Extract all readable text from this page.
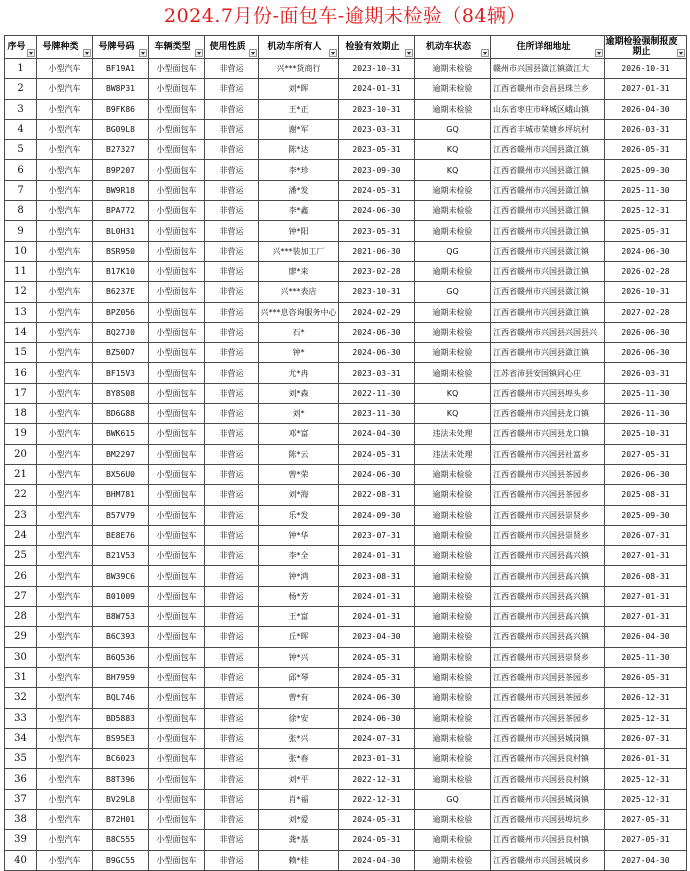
2024.7月份-面包车-逾期未检验（84辆）
序号	号牌种类	号牌号码	车辆类型	使用性质	机动车所有人	检验有效期止	机动车状态	住所详细地址	逾期检验强制报废期止

1	小型汽车	BF19A1	小型面包车	非营运	兴***货商行	2023-10-31	逾期未检验	赣州市兴国县潋江镇潋江大	2026-10-31
2	小型汽车	BW8P31	小型面包车	非营运	刘*晖	2024-01-31	逾期未检验	江西省赣州市会昌县珠兰乡	2027-01-31
3	小型汽车	B9FK86	小型面包车	非营运	王*正	2023-10-31	逾期未检验	山东省枣庄市峄城区峨山镇	2026-04-30
4	小型汽车	BG09L8	小型面包车	非营运	谢*军	2023-03-31	GQ	江西省丰城市荣塘乡坪坑村	2026-03-31
5	小型汽车	B27327	小型面包车	非营运	陈*达	2023-05-31	KQ	江西省赣州市兴国县潋江镇	2026-05-31
6	小型汽车	B9P207	小型面包车	非营运	李*珍	2023-09-30	KQ	江西省赣州市兴国县潋江镇	2025-09-30
7	小型汽车	BW9R18	小型面包车	非营运	潘*发	2024-05-31	逾期未检验	江西省赣州市兴国县潋江镇	2025-11-30
8	小型汽车	BPA772	小型面包车	非营运	李*鑫	2024-06-30	逾期未检验	江西省赣州市兴国县潋江镇	2025-12-31
9	小型汽车	BL0H31	小型面包车	非营运	钟*阳	2023-05-31	逾期未检验	江西省赣州市兴国县潋江镇	2025-05-31
10	小型汽车	BSR950	小型面包车	非营运	兴***装加工厂	2021-06-30	QG	江西省赣州市兴国县潋江镇	2024-06-30
11	小型汽车	B17K10	小型面包车	非营运	廖*来	2023-02-28	逾期未检验	江西省赣州市兴国县潋江镇	2026-02-28
12	小型汽车	B6237E	小型面包车	非营运	兴***表店	2023-10-31	GQ	江西省赣州市兴国县潋江镇	2026-10-31
13	小型汽车	BPZ056	小型面包车	非营运	兴***息咨询服务中心	2024-02-29	逾期未检验	江西省赣州市兴国县潋江镇	2027-02-28
14	小型汽车	BQ27J0	小型面包车	非营运	石*	2024-06-30	逾期未检验	江西省赣州市兴国县兴国县兴	2026-06-30
15	小型汽车	BZ50D7	小型面包车	非营运	钟*	2024-06-30	逾期未检验	江西省赣州市兴国县潋江镇	2026-06-30
16	小型汽车	BF15V3	小型面包车	非营运	尤*冉	2023-03-31	逾期未检验	江苏省沛县安国镇同心庄	2026-03-31
17	小型汽车	BY8S08	小型面包车	非营运	刘*森	2022-11-30	KQ	江西省赣州市兴国县埠头乡	2025-11-30
18	小型汽车	BD6G88	小型面包车	非营运	刘*	2023-11-30	KQ	江西省赣州市兴国县龙口镇	2026-11-30
19	小型汽车	BWK615	小型面包车	非营运	邓*富	2024-04-30	违法未处理	江西省赣州市兴国县龙口镇	2025-10-31
20	小型汽车	BM2297	小型面包车	非营运	陈*云	2024-05-31	违法未处理	江西省赣州市兴国县社富乡	2027-05-31
21	小型汽车	BX56U0	小型面包车	非营运	曾*荣	2024-06-30	逾期未检验	江西省赣州市兴国县茶园乡	2026-06-30
22	小型汽车	BHM781	小型面包车	非营运	刘*海	2022-08-31	逾期未检验	江西省赣州市兴国县茶园乡	2025-08-31
23	小型汽车	B57V79	小型面包车	非营运	乐*发	2024-09-30	逾期未检验	江西省赣州市兴国县崇贤乡	2025-09-30
24	小型汽车	BE8E76	小型面包车	非营运	钟*华	2023-07-31	逾期未检验	江西省赣州市兴国县崇贤乡	2026-07-31
25	小型汽车	B21V53	小型面包车	非营运	李*全	2024-01-31	逾期未检验	江西省赣州市兴国县高兴镇	2027-01-31
26	小型汽车	BW39C6	小型面包车	非营运	钟*鸿	2023-08-31	逾期未检验	江西省赣州市兴国县高兴镇	2026-08-31
27	小型汽车	B01009	小型面包车	非营运	杨*芳	2024-01-31	逾期未检验	江西省赣州市兴国县高兴镇	2027-01-31
28	小型汽车	B8W753	小型面包车	非营运	王*富	2024-01-31	逾期未检验	江西省赣州市兴国县高兴镇	2027-01-31
29	小型汽车	B6C393	小型面包车	非营运	丘*晖	2023-04-30	逾期未检验	江西省赣州市兴国县高兴镇	2026-04-30
30	小型汽车	B6Q536	小型面包车	非营运	钟*兴	2024-05-31	逾期未检验	江西省赣州市兴国县崇贤乡	2025-11-30
31	小型汽车	BH7959	小型面包车	非营运	邱*琴	2024-05-31	逾期未检验	江西省赣州市兴国县茶园乡	2026-05-31
32	小型汽车	BQL746	小型面包车	非营运	曾*有	2024-06-30	逾期未检验	江西省赣州市兴国县茶园乡	2026-12-31
33	小型汽车	BD5883	小型面包车	非营运	徐*安	2024-06-30	逾期未检验	江西省赣州市兴国县茶园乡	2025-12-31
34	小型汽车	BS95E3	小型面包车	非营运	张*兴	2024-07-31	逾期未检验	江西省赣州市兴国县城岗镇	2026-07-31
35	小型汽车	BC6023	小型面包车	非营运	张*春	2023-01-31	逾期未检验	江西省赣州市兴国县良村镇	2026-01-31
36	小型汽车	B8T396	小型面包车	非营运	刘*平	2022-12-31	逾期未检验	江西省赣州市兴国县良村镇	2025-12-31
37	小型汽车	BV29L8	小型面包车	非营运	肖*福	2022-12-31	GQ	江西省赣州市兴国县城岗镇	2025-12-31
38	小型汽车	B72H01	小型面包车	非营运	刘*爱	2024-05-31	逾期未检验	江西省赣州市兴国县埠坑乡	2027-05-31
39	小型汽车	B8C555	小型面包车	非营运	龚*基	2024-05-31	逾期未检验	江西省赣州市兴国县良村镇	2027-05-31
40	小型汽车	B9GC55	小型面包车	非营运	赖*桂	2024-04-30	逾期未检验	江西省赣州市兴国县城岗乡	2027-04-30
